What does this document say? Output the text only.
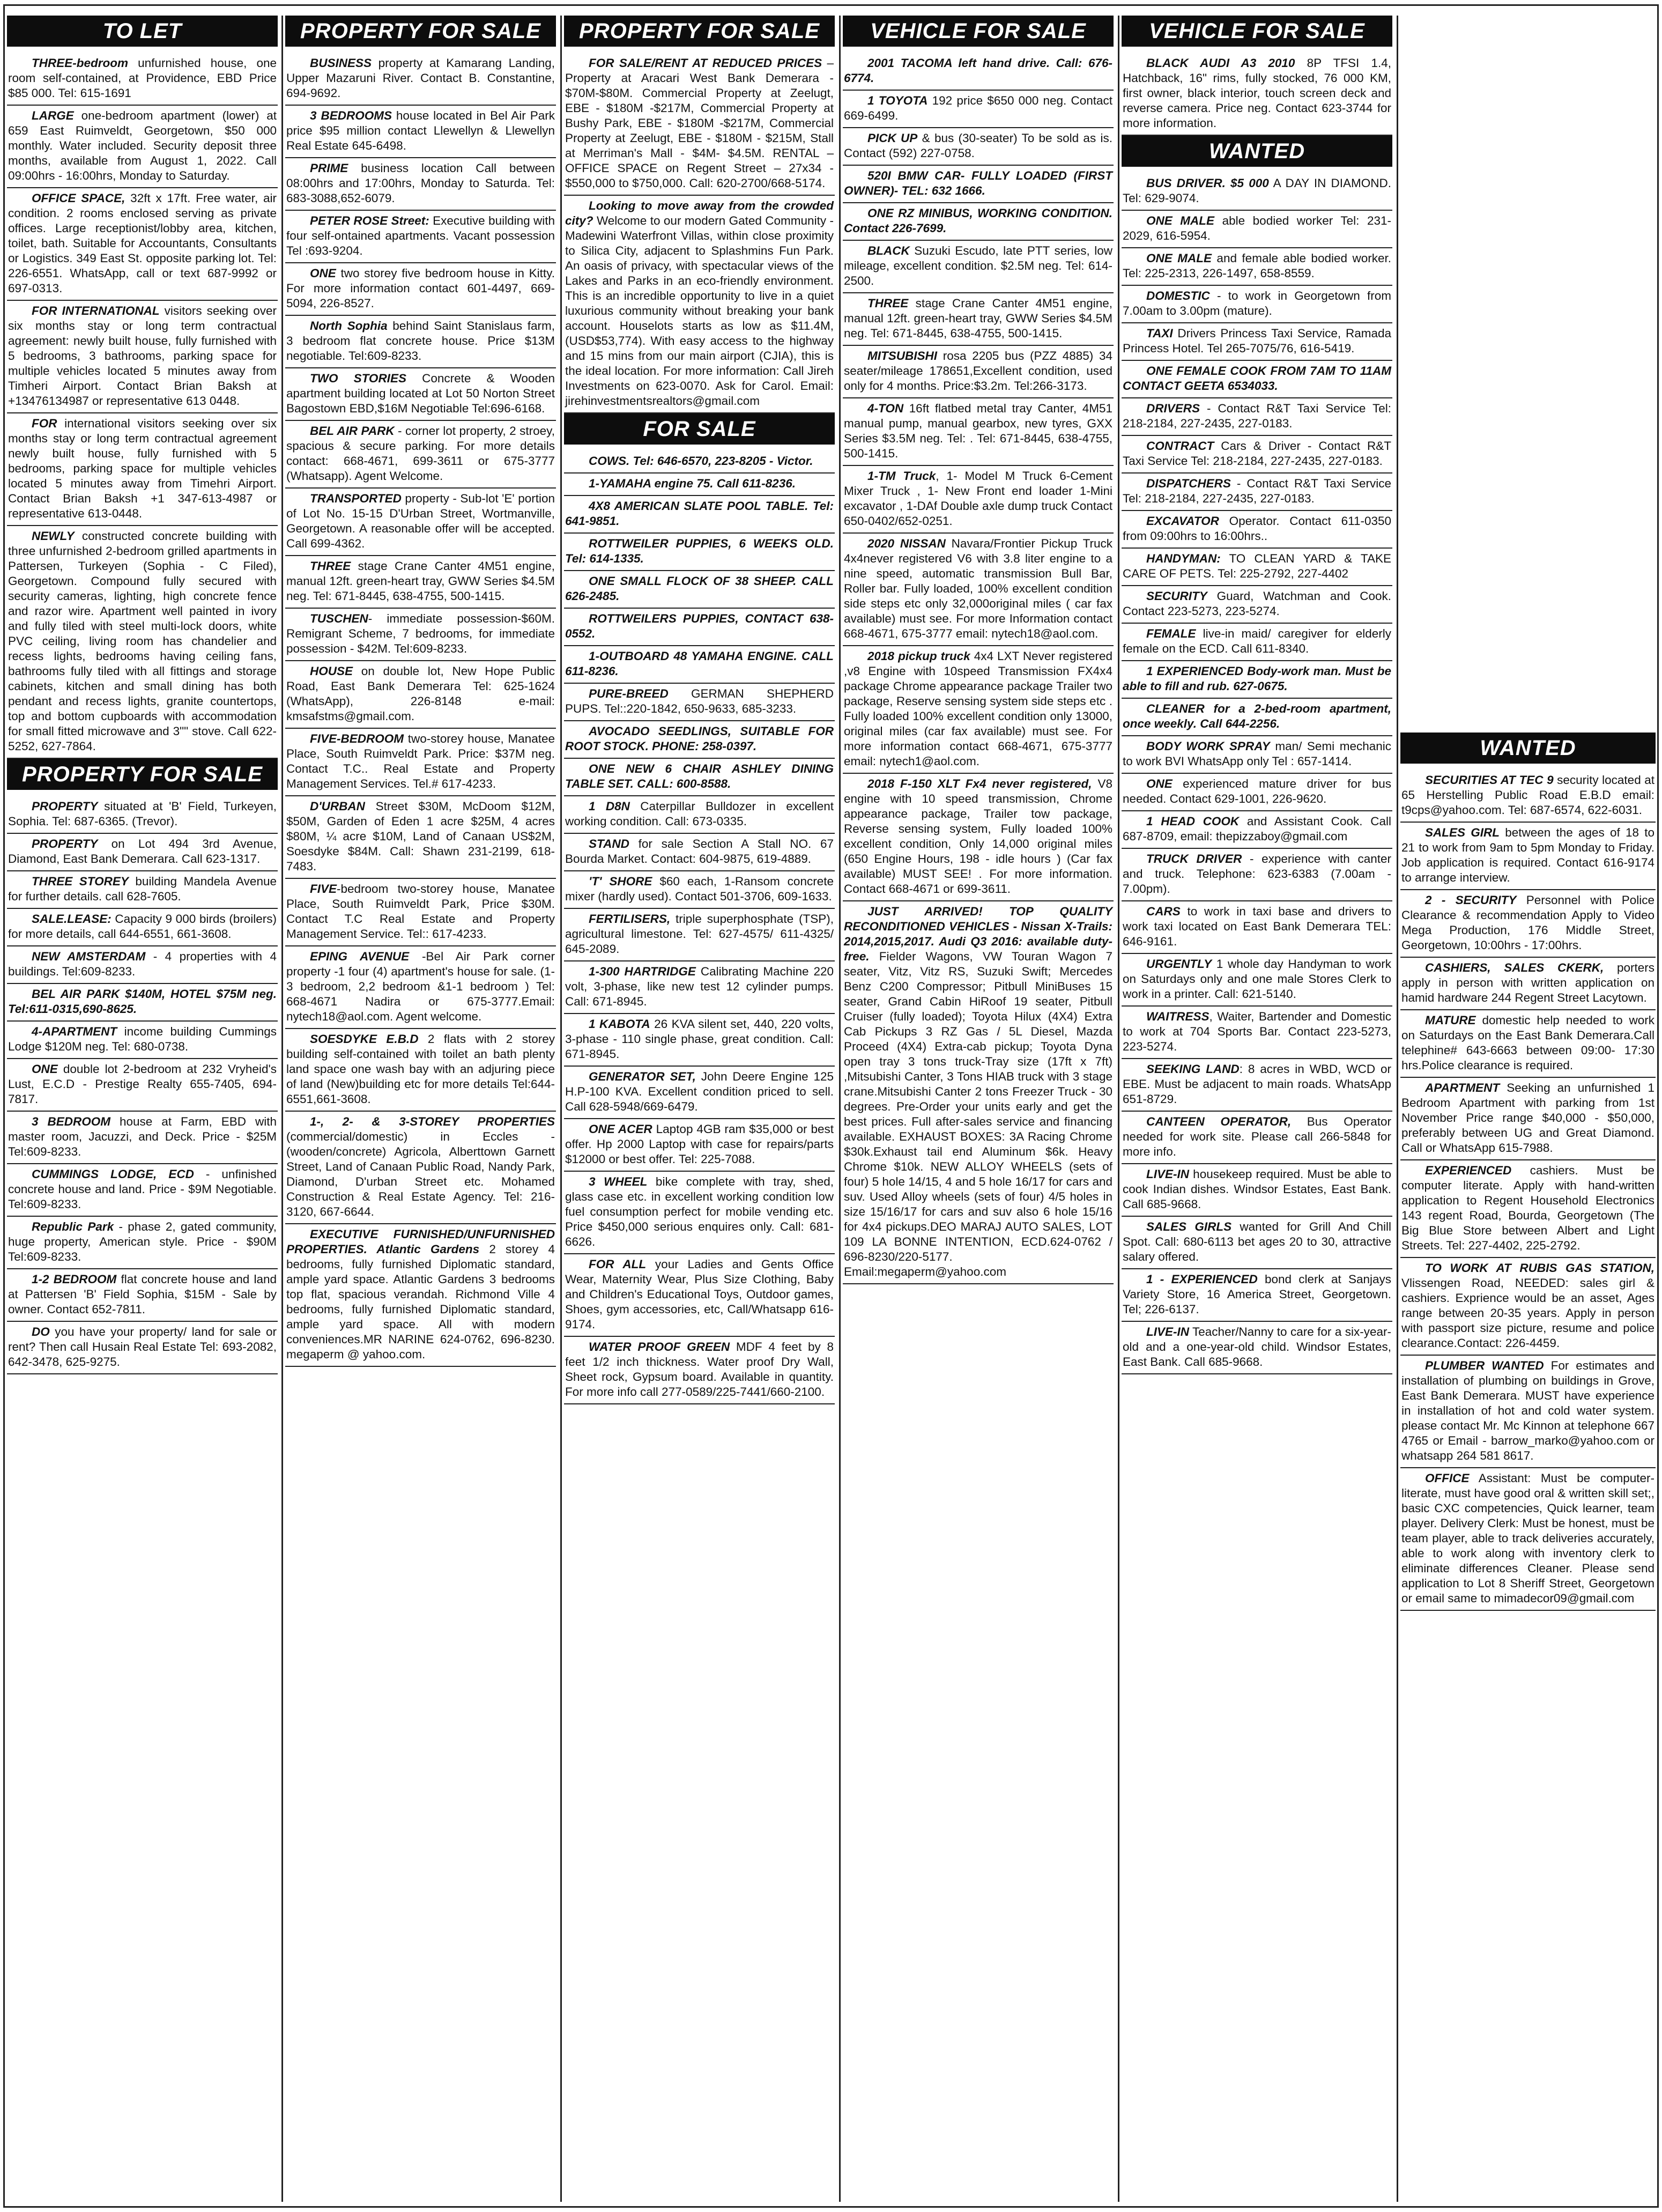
TO LET
THREE-bedroom unfurnished house, one room self-contained, at Providence, EBD Price $85 000. Tel: 615-1691
LARGE one-bedroom apartment (lower) at 659 East Ruimveldt, Georgetown, $50 000 monthly. Water included. Security deposit three months, available from August 1, 2022. Call 09:00hrs - 16:00hrs, Monday to Saturday.
OFFICE SPACE, 32ft x 17ft. Free water, air condition. 2 rooms enclosed serving as private offices. Large receptionist/lobby area, kitchen, toilet, bath. Suitable for Accountants, Consultants or Logistics. 349 East St. opposite parking lot. Tel: 226-6551. WhatsApp, call or text 687-9992 or 697-0313.
FOR INTERNATIONAL visitors seeking over six months stay or long term contractual agreement: newly built house, fully furnished with 5 bedrooms, 3 bathrooms, parking space for multiple vehicles located 5 minutes away from Timheri Airport. Contact Brian Baksh at +13476134987 or representative 613 0448.
FOR international visitors seeking over six months stay or long term contractual agreement newly built house, fully furnished with 5 bedrooms, parking space for multiple vehicles located 5 minutes away from Timehri Airport. Contact Brian Baksh +1 347-613-4987 or representative 613-0448.
NEWLY constructed concrete building with three unfurnished 2-bedroom grilled apartments in Pattersen, Turkeyen (Sophia - C Filed), Georgetown. Compound fully secured with security cameras, lighting, high concrete fence and razor wire. Apartment well painted in ivory and fully tiled with steel multi-lock doors, white PVC ceiling, living room has chandelier and recess lights, bedrooms having ceiling fans, bathrooms fully tiled with all fittings and storage cabinets, kitchen and small dining has both pendant and recess lights, granite countertops, top and bottom cupboards with accommodation for small fitted microwave and 3"" stove. Call 622-5252, 627-7864.
PROPERTY FOR SALE
PROPERTY situated at 'B' Field, Turkeyen, Sophia. Tel: 687-6365. (Trevor).
PROPERTY on Lot 494 3rd Avenue, Diamond, East Bank Demerara. Call 623-1317.
THREE STOREY building Mandela Avenue for further details. call 628-7605.
SALE.LEASE: Capacity 9 000 birds (broilers) for more details, call 644-6551, 661-3608.
NEW AMSTERDAM - 4 properties with 4 buildings. Tel:609-8233.
BEL AIR PARK $140M, HOTEL $75M neg. Tel:611-0315,690-8625.
4-APARTMENT income building Cummings Lodge $120M neg. Tel: 680-0738.
ONE double lot 2-bedroom at 232 Vryheid's Lust, E.C.D - Prestige Realty 655-7405, 694-7817.
3 BEDROOM house at Farm, EBD with master room, Jacuzzi, and Deck. Price - $25M Tel:609-8233.
CUMMINGS LODGE, ECD - unfinished concrete house and land. Price - $9M Negotiable. Tel:609-8233.
Republic Park - phase 2, gated community, huge property, American style. Price - $90M Tel:609-8233.
1-2 BEDROOM flat concrete house and land at Pattersen 'B' Field Sophia, $15M - Sale by owner. Contact 652-7811.
DO you have your property/ land for sale or rent? Then call Husain Real Estate Tel: 693-2082, 642-3478, 625-9275.
PROPERTY FOR SALE
BUSINESS property at Kamarang Landing, Upper Mazaruni River. Contact B. Constantine, 694-9692.
3 BEDROOMS house located in Bel Air Park price $95 million contact Llewellyn & Llewellyn Real Estate 645-6498.
PRIME business location Call between 08:00hrs and 17:00hrs, Monday to Saturda. Tel: 683-3088,652-6079.
PETER ROSE Street: Executive building with four self-ontained apartments. Vacant possession Tel :693-9204.
ONE two storey five bedroom house in Kitty. For more information contact 601-4497, 669-5094, 226-8527.
North Sophia behind Saint Stanislaus farm, 3 bedroom flat concrete house. Price $13M negotiable. Tel:609-8233.
TWO STORIES Concrete & Wooden apartment building located at Lot 50 Norton Street Bagostown EBD,$16M Negotiable Tel:696-6168.
BEL AIR PARK - corner lot property, 2 stroey, spacious & secure parking. For more details contact: 668-4671, 699-3611 or 675-3777 (Whatsapp). Agent Welcome.
TRANSPORTED property - Sub-lot 'E' portion of Lot No. 15-15 D'Urban Street, Wortmanville, Georgetown. A reasonable offer will be accepted. Call 699-4362.
THREE stage Crane Canter 4M51 engine, manual 12ft. green-heart tray, GWW Series $4.5M neg. Tel: 671-8445, 638-4755, 500-1415.
TUSCHEN- immediate possession-$60M. Remigrant Scheme, 7 bedrooms, for immediate possession - $42M. Tel:609-8233.
HOUSE on double lot, New Hope Public Road, East Bank Demerara Tel: 625-1624 (WhatsApp), 226-8148 e-mail: kmsafstms@gmail.com.
FIVE-BEDROOM two-storey house, Manatee Place, South Ruimveldt Park. Price: $37M neg. Contact T.C.. Real Estate and Property Management Services. Tel.# 617-4233.
D'URBAN Street $30M, McDoom $12M, $50M, Garden of Eden 1 acre $25M, 4 acres $80M, ¼ acre $10M, Land of Canaan US$2M, Soesdyke $84M. Call: Shawn 231-2199, 618-7483.
FIVE-bedroom two-storey house, Manatee Place, South Ruimveldt Park, Price $30M. Contact T.C Real Estate and Property Management Service. Tel:: 617-4233.
EPING AVENUE -Bel Air Park corner property -1 four (4) apartment's house for sale. (1-3 bedroom, 2,2 bedroom &1-1 bedroom ) Tel: 668-4671 Nadira or 675-3777.Email: nytech18@aol.com. Agent welcome.
SOESDYKE E.B.D 2 flats with 2 storey building self-contained with toilet an bath plenty land space one wash bay with an adjuring piece of land (New)building etc for more details Tel:644-6551,661-3608.
1-, 2- & 3-STOREY PROPERTIES (commercial/domestic) in Eccles - (wooden/concrete) Agricola, Alberttown Garnett Street, Land of Canaan Public Road, Nandy Park, Diamond, D'urban Street etc. Mohamed Construction & Real Estate Agency. Tel: 216-3120, 667-6644.
EXECUTIVE FURNISHED/UNFURNISHED PROPERTIES. Atlantic Gardens 2 storey 4 bedrooms, fully furnished Diplomatic standard, ample yard space. Atlantic Gardens 3 bedrooms top flat, spacious verandah. Richmond Ville 4 bedrooms, fully furnished Diplomatic standard, ample yard space. All with modern conveniences.MR NARINE 624-0762, 696-8230. megaperm @ yahoo.com.
PROPERTY FOR SALE
FOR SALE/RENT AT REDUCED PRICES – Property at Aracari West Bank Demerara - $70M-$80M. Commercial Property at Zeelugt, EBE - $180M -$217M, Commercial Property at Bushy Park, EBE - $180M -$217M, Commercial Property at Zeelugt, EBE - $180M - $215M, Stall at Merriman's Mall - $4M- $4.5M. RENTAL – OFFICE SPACE on Regent Street – 27x34 - $550,000 to $750,000. Call: 620-2700/668-5174.
Looking to move away from the crowded city? Welcome to our modern Gated Community - Madewini Waterfront Villas, within close proximity to Silica City, adjacent to Splashmins Fun Park. An oasis of privacy, with spectacular views of the Lakes and Parks in an eco-friendly environment. This is an incredible opportunity to live in a quiet luxurious community without breaking your bank account. Houselots starts as low as $11.4M, (USD$53,774). With easy access to the highway and 15 mins from our main airport (CJIA), this is the ideal location. For more information: Call Jireh Investments on 623-0070. Ask for Carol. Email: jirehinvestmentsrealtors@gmail.com
FOR SALE
COWS. Tel: 646-6570, 223-8205 - Victor.
1-YAMAHA engine 75. Call 611-8236.
4X8 AMERICAN SLATE POOL TABLE. Tel: 641-9851.
ROTTWEILER PUPPIES, 6 WEEKS OLD. Tel: 614-1335.
ONE SMALL FLOCK OF 38 SHEEP. CALL 626-2485.
ROTTWEILERS PUPPIES, CONTACT 638-0552.
1-OUTBOARD 48 YAMAHA ENGINE. CALL 611-8236.
PURE-BREED GERMAN SHEPHERD PUPS. Tel::220-1842, 650-9633, 685-3233.
AVOCADO SEEDLINGS, SUITABLE FOR ROOT STOCK. PHONE: 258-0397.
ONE NEW 6 CHAIR ASHLEY DINING TABLE SET. CALL: 600-8588.
1 D8N Caterpillar Bulldozer in excellent working condition. Call: 673-0335.
STAND for sale Section A Stall NO. 67 Bourda Market. Contact: 604-9875, 619-4889.
'T' SHORE $60 each, 1-Ransom concrete mixer (hardly used). Contact 501-3706, 609-1633.
FERTILISERS, triple superphosphate (TSP), agricultural limestone. Tel: 627-4575/ 611-4325/ 645-2089.
1-300 HARTRIDGE Calibrating Machine 220 volt, 3-phase, like new test 12 cylinder pumps. Call: 671-8945.
1 KABOTA 26 KVA silent set, 440, 220 volts, 3-phase - 110 single phase, great condition. Call: 671-8945.
GENERATOR SET, John Deere Engine 125 H.P-100 KVA. Excellent condition priced to sell. Call 628-5948/669-6479.
ONE ACER Laptop 4GB ram $35,000 or best offer. Hp 2000 Laptop with case for repairs/parts $12000 or best offer. Tel: 225-7088.
3 WHEEL bike complete with tray, shed, glass case etc. in excellent working condition low fuel consumption perfect for mobile vending etc. Price $450,000 serious enquires only. Call: 681-6626.
FOR ALL your Ladies and Gents Office Wear, Maternity Wear, Plus Size Clothing, Baby and Children's Educational Toys, Outdoor games, Shoes, gym accessories, etc, Call/Whatsapp 616-9174.
WATER PROOF GREEN MDF 4 feet by 8 feet 1/2 inch thickness. Water proof Dry Wall, Sheet rock, Gypsum board. Available in quantity. For more info call 277-0589/225-7441/660-2100.
VEHICLE FOR SALE
2001 TACOMA left hand drive. Call: 676-6774.
1 TOYOTA 192 price $650 000 neg. Contact 669-6499.
PICK UP & bus (30-seater) To be sold as is. Contact (592) 227-0758.
520I BMW CAR- FULLY LOADED (FIRST OWNER)- TEL: 632 1666.
ONE RZ MINIBUS, WORKING CONDITION. Contact 226-7699.
BLACK Suzuki Escudo, late PTT series, low mileage, excellent condition. $2.5M neg. Tel: 614-2500.
THREE stage Crane Canter 4M51 engine, manual 12ft. green-heart tray, GWW Series $4.5M neg. Tel: 671-8445, 638-4755, 500-1415.
MITSUBISHI rosa 2205 bus (PZZ 4885) 34 seater/mileage 178651,Excellent condition, used only for 4 months. Price:$3.2m. Tel:266-3173.
4-TON 16ft flatbed metal tray Canter, 4M51 manual pump, manual gearbox, new tyres, GXX Series $3.5M neg. Tel: . Tel: 671-8445, 638-4755, 500-1415.
1-TM Truck, 1- Model M Truck 6-Cement Mixer Truck , 1- New Front end loader 1-Mini excavator , 1-DAf Double axle dump truck Contact 650-0402/652-0251.
2020 NISSAN Navara/Frontier Pickup Truck 4x4never registered V6 with 3.8 liter engine to a nine speed, automatic transmission Bull Bar, Roller bar. Fully loaded, 100% excellent condition side steps etc only 32,000original miles ( car fax available) must see. For more Information contact 668-4671, 675-3777 email: nytech18@aol.com.
2018 pickup truck 4x4 LXT Never registered ,v8 Engine with 10speed Transmission FX4x4 package Chrome appearance package Trailer two package, Reserve sensing system side steps etc . Fully loaded 100% excellent condition only 13000, original miles (car fax available) must see. For more information contact 668-4671, 675-3777 email: nytech1@aol.com.
2018 F-150 XLT Fx4 never registered, V8 engine with 10 speed transmission, Chrome appearance package, Trailer tow package, Reverse sensing system, Fully loaded 100% excellent condition, Only 14,000 original miles (650 Engine Hours, 198 - idle hours ) (Car fax available) MUST SEE! . For more information. Contact 668-4671 or 699-3611.
JUST ARRIVED! TOP QUALITY RECONDITIONED VEHICLES - Nissan X-Trails: 2014,2015,2017. Audi Q3 2016: available duty-free. Fielder Wagons, VW Touran Wagon 7 seater, Vitz, Vitz RS, Suzuki Swift; Mercedes Benz C200 Compressor; Pitbull MiniBuses 15 seater, Grand Cabin HiRoof 19 seater, Pitbull Cruiser (fully loaded); Toyota Hilux (4X4) Extra Cab Pickups 3 RZ Gas / 5L Diesel, Mazda Proceed (4X4) Extra-cab pickup; Toyota Dyna open tray 3 tons truck-Tray size (17ft x 7ft) ,Mitsubishi Canter, 3 Tons HIAB truck with 3 stage crane.Mitsubishi Canter 2 tons Freezer Truck - 30 degrees. Pre-Order your units early and get the best prices. Full after-sales service and financing available. EXHAUST BOXES: 3A Racing Chrome $30k.Exhaust tail end Aluminum $6k. Heavy Chrome $10k. NEW ALLOY WHEELS (sets of four) 5 hole 14/15, 4 and 5 hole 16/17 for cars and suv. Used Alloy wheels (sets of four) 4/5 holes in size 15/16/17 for cars and suv also 6 hole 15/16 for 4x4 pickups.DEO MARAJ AUTO SALES, LOT 109 LA BONNE INTENTION, ECD.624-0762 / 696-8230/220-5177. Email:megaperm@yahoo.com
VEHICLE FOR SALE
BLACK AUDI A3 2010 8P TFSI 1.4, Hatchback, 16" rims, fully stocked, 76 000 KM, first owner, black interior, touch screen deck and reverse camera. Price neg. Contact 623-3744 for more information.
WANTED
BUS DRIVER. $5 000 A DAY IN DIAMOND. Tel: 629-9074.
ONE MALE able bodied worker Tel: 231-2029, 616-5954.
ONE MALE and female able bodied worker. Tel: 225-2313, 226-1497, 658-8559.
DOMESTIC - to work in Georgetown from 7.00am to 3.00pm (mature).
TAXI Drivers Princess Taxi Service, Ramada Princess Hotel. Tel 265-7075/76, 616-5419.
ONE FEMALE COOK FROM 7AM TO 11AM CONTACT GEETA 6534033.
DRIVERS - Contact R&T Taxi Service Tel: 218-2184, 227-2435, 227-0183.
CONTRACT Cars & Driver - Contact R&T Taxi Service Tel: 218-2184, 227-2435, 227-0183.
DISPATCHERS - Contact R&T Taxi Service Tel: 218-2184, 227-2435, 227-0183.
EXCAVATOR Operator. Contact 611-0350 from 09:00hrs to 16:00hrs..
HANDYMAN: TO CLEAN YARD & TAKE CARE OF PETS. Tel: 225-2792, 227-4402
SECURITY Guard, Watchman and Cook. Contact 223-5273, 223-5274.
FEMALE live-in maid/ caregiver for elderly female on the ECD. Call 611-8340.
1 EXPERIENCED Body-work man. Must be able to fill and rub. 627-0675.
CLEANER for a 2-bed-room apartment, once weekly. Call 644-2256.
BODY WORK SPRAY man/ Semi mechanic to work BVI WhatsApp only Tel : 657-1414.
ONE experienced mature driver for bus needed. Contact 629-1001, 226-9620.
1 HEAD COOK and Assistant Cook. Call 687-8709, email: thepizzaboy@gmail.com
TRUCK DRIVER - experience with canter and truck. Telephone: 623-6383 (7.00am - 7.00pm).
CARS to work in taxi base and drivers to work taxi located on East Bank Demerara TEL: 646-9161.
URGENTLY 1 whole day Handyman to work on Saturdays only and one male Stores Clerk to work in a printer. Call: 621-5140.
WAITRESS, Waiter, Bartender and Domestic to work at 704 Sports Bar. Contact 223-5273, 223-5274.
SEEKING LAND: 8 acres in WBD, WCD or EBE. Must be adjacent to main roads. WhatsApp 651-8729.
CANTEEN OPERATOR, Bus Operator needed for work site. Please call 266-5848 for more info.
LIVE-IN housekeep required. Must be able to cook Indian dishes. Windsor Estates, East Bank. Call 685-9668.
SALES GIRLS wanted for Grill And Chill Spot. Call: 680-6113 bet ages 20 to 30, attractive salary offered.
1 - EXPERIENCED bond clerk at Sanjays Variety Store, 16 America Street, Georgetown. Tel; 226-6137.
LIVE-IN Teacher/Nanny to care for a six-year-old and a one-year-old child. Windsor Estates, East Bank. Call 685-9668.
WANTED
SECURITIES AT TEC 9 security located at 65 Herstelling Public Road E.B.D email: t9cps@yahoo.com. Tel: 687-6574, 622-6031.
SALES GIRL between the ages of 18 to 21 to work from 9am to 5pm Monday to Friday. Job application is required. Contact 616-9174 to arrange interview.
2 - SECURITY Personnel with Police Clearance & recommendation Apply to Video Mega Production, 176 Middle Street, Georgetown, 10:00hrs - 17:00hrs.
CASHIERS, SALES CKERK, porters apply in person with written application on hamid hardware 244 Regent Street Lacytown.
MATURE domestic help needed to work on Saturdays on the East Bank Demerara.Call telephine# 643-6663 between 09:00- 17:30 hrs.Police clearance is required.
APARTMENT Seeking an unfurnished 1 Bedroom Apartment with parking from 1st November Price range $40,000 - $50,000, preferably between UG and Great Diamond. Call or WhatsApp 615-7988.
EXPERIENCED cashiers. Must be computer literate. Apply with hand-written application to Regent Household Electronics 143 regent Road, Bourda, Georgetown (The Big Blue Store between Albert and Light Streets. Tel: 227-4402, 225-2792.
TO WORK AT RUBIS GAS STATION, Vlissengen Road, NEEDED: sales girl & cashiers. Exprience would be an asset, Ages range between 20-35 years. Apply in person with passport size picture, resume and police clearance.Contact: 226-4459.
PLUMBER WANTED For estimates and installation of plumbing on buildings in Grove, East Bank Demerara. MUST have experience in installation of hot and cold water system. please contact Mr. Mc Kinnon at telephone 667 4765 or Email - barrow_marko@yahoo.com or whatsapp 264 581 8617.
OFFICE Assistant: Must be computer-literate, must have good oral & written skill set;, basic CXC competencies, Quick learner, team player. Delivery Clerk: Must be honest, must be team player, able to track deliveries accurately, able to work along with inventory clerk to eliminate differences Cleaner. Please send application to Lot 8 Sheriff Street, Georgetown or email same to mimadecor09@gmail.com
